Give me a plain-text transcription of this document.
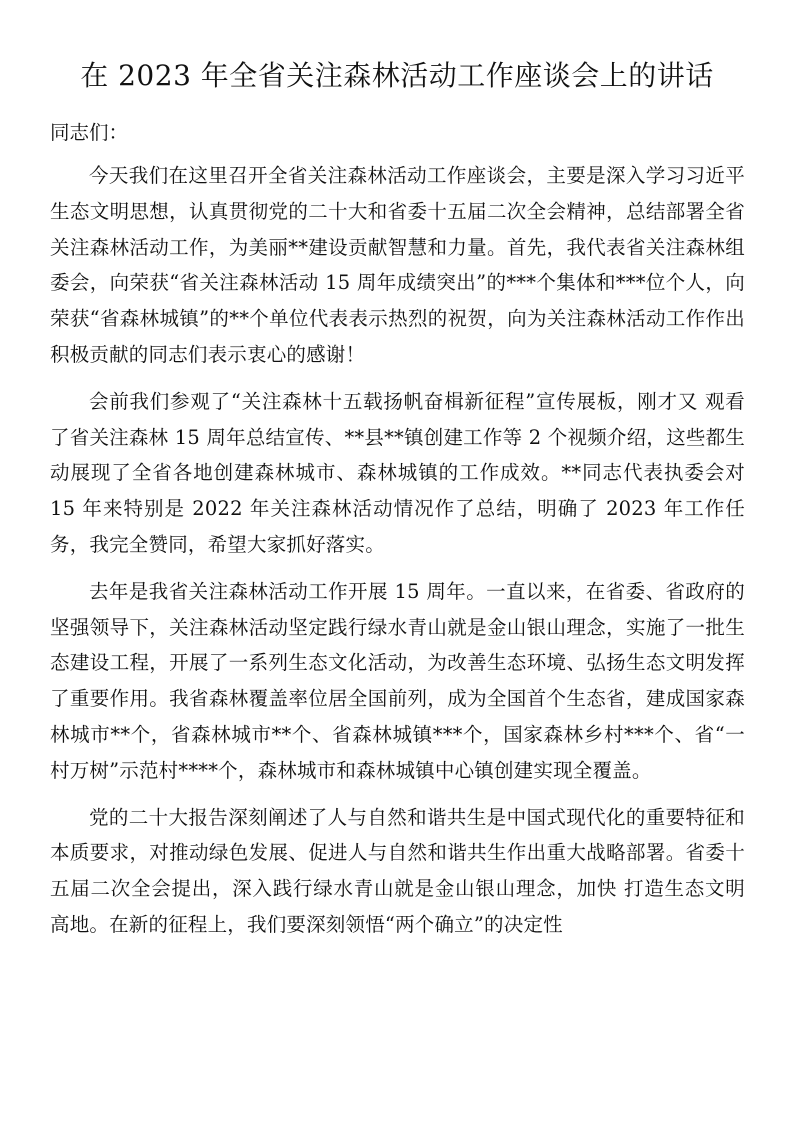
在 2023 年全省关注森林活动工作座谈会上的讲话
同志们：

今天我们在这里召开全省关注森林活动工作座谈会，主要是深入学习习近平生态文明思想，认真贯彻党的二十大和省委十五届二次全会精神，总结部署全省关注森林活动工作，为美丽**建设贡献智慧和力量。首先，我代表省关注森林组委会，向荣获“省关注森林活动 15 周年成绩突出”的***个集体和***位个人，向荣获“省森林城镇”的**个单位代表表示热烈的祝贺，向为关注森林活动工作作出积极贡献的同志们表示衷心的感谢！

会前我们参观了“关注森林十五载扬帆奋楫新征程”宣传展板，刚才又 观看了省关注森林 15 周年总结宣传、**县**镇创建工作等 2 个视频介绍，这些都生动展现了全省各地创建森林城市、森林城镇的工作成效。**同志代表执委会对 15 年来特别是 2022 年关注森林活动情况作了总结，明确了 2023 年工作任务，我完全赞同，希望大家抓好落实。

去年是我省关注森林活动工作开展 15 周年。一直以来，在省委、省政府的坚强领导下，关注森林活动坚定践行绿水青山就是金山银山理念，实施了一批生态建设工程，开展了一系列生态文化活动，为改善生态环境、弘扬生态文明发挥了重要作用。我省森林覆盖率位居全国前列，成为全国首个生态省，建成国家森林城市**个，省森林城市**个、省森林城镇***个，国家森林乡村***个、省“一村万树”示范村****个，森林城市和森林城镇中心镇创建实现全覆盖。

党的二十大报告深刻阐述了人与自然和谐共生是中国式现代化的重要特征和本质要求，对推动绿色发展、促进人与自然和谐共生作出重大战略部署。省委十五届二次全会提出，深入践行绿水青山就是金山银山理念，加快 打造生态文明高地。在新的征程上，我们要深刻领悟“两个确立”的决定性
